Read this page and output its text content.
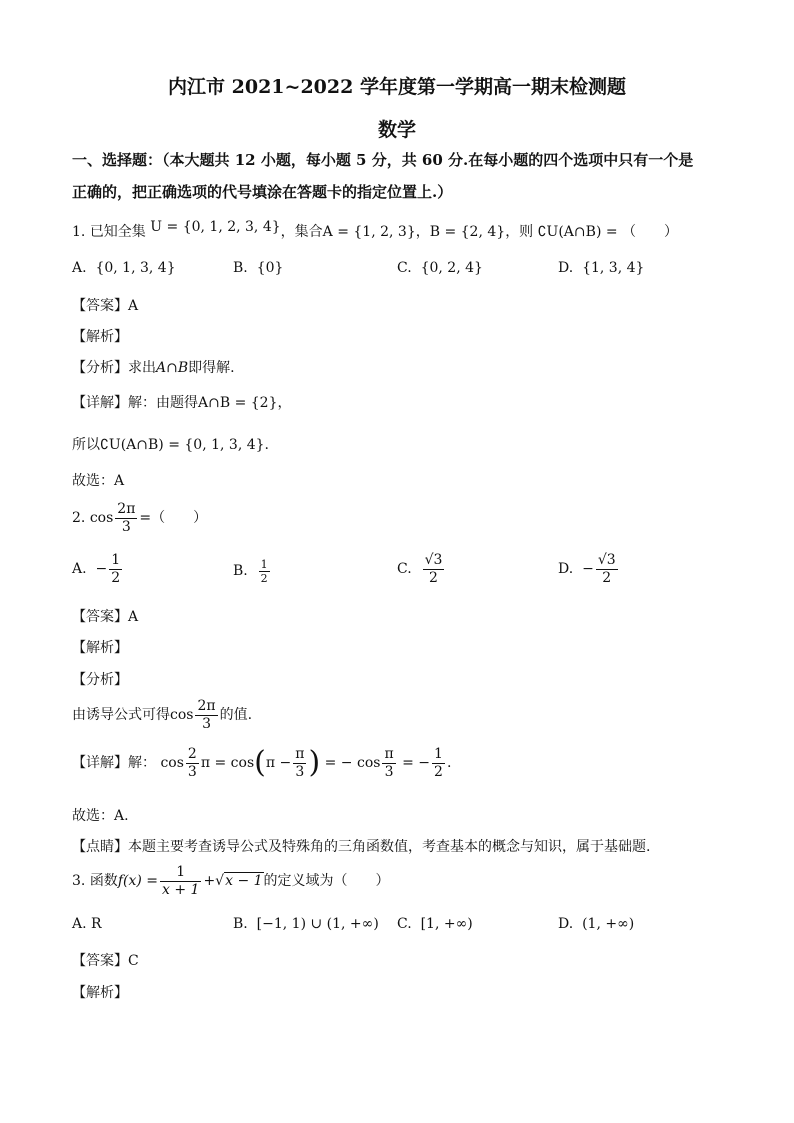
内江市 2021~2022 学年度第一学期高一期末检测题
数学
一、选择题：（本大题共 12 小题，每小题 5 分，共 60 分.在每小题的四个选项中只有一个是
正确的，把正确选项的代号填涂在答题卡的指定位置上.）
1. 已知全集 U = {0, 1, 2, 3, 4}，集合A = {1, 2, 3}，B = {2, 4}，则 ∁U(A∩B) = （　　）
A. {0, 1, 3, 4}	B. {0}	C. {0, 2, 4}	D. {1, 3, 4}
【答案】A
【解析】
【分析】求出A∩B即得解.
【详解】解：由题得A∩B = {2}，
所以∁U(A∩B) = {0, 1, 3, 4}.
故选：A
2. $\cos \frac{2\pi}{3}$ =（　　）
A. − $\frac{1}{2}$	B. $\frac{1}{2}$	C. $\frac{√3}{2}$	D. − $\frac{√3}{2}$
【答案】A
【解析】
【分析】
由诱导公式可得$\cos \frac{2\pi}{3}$ 的值.
【详解】解： $\cos \frac{2}{3}$ $\pi = \cos(\pi - \frac{\pi}{3}$ ) = − $\cos \frac{\pi}{3}$ = − $\frac{1}{2}$ .
故选：A.
【点睛】本题主要考查诱导公式及特殊角的三角函数值，考查基本的概念与知识，属于基础题.
3. 函数$f(x) = \frac{1}{x + 1} +√x - 1$的定义域为（　　）
A. R	B. [−1, 1) ∪ (1, +∞) C. [1, +∞)	D. (1, +∞)
【答案】C
【解析】
